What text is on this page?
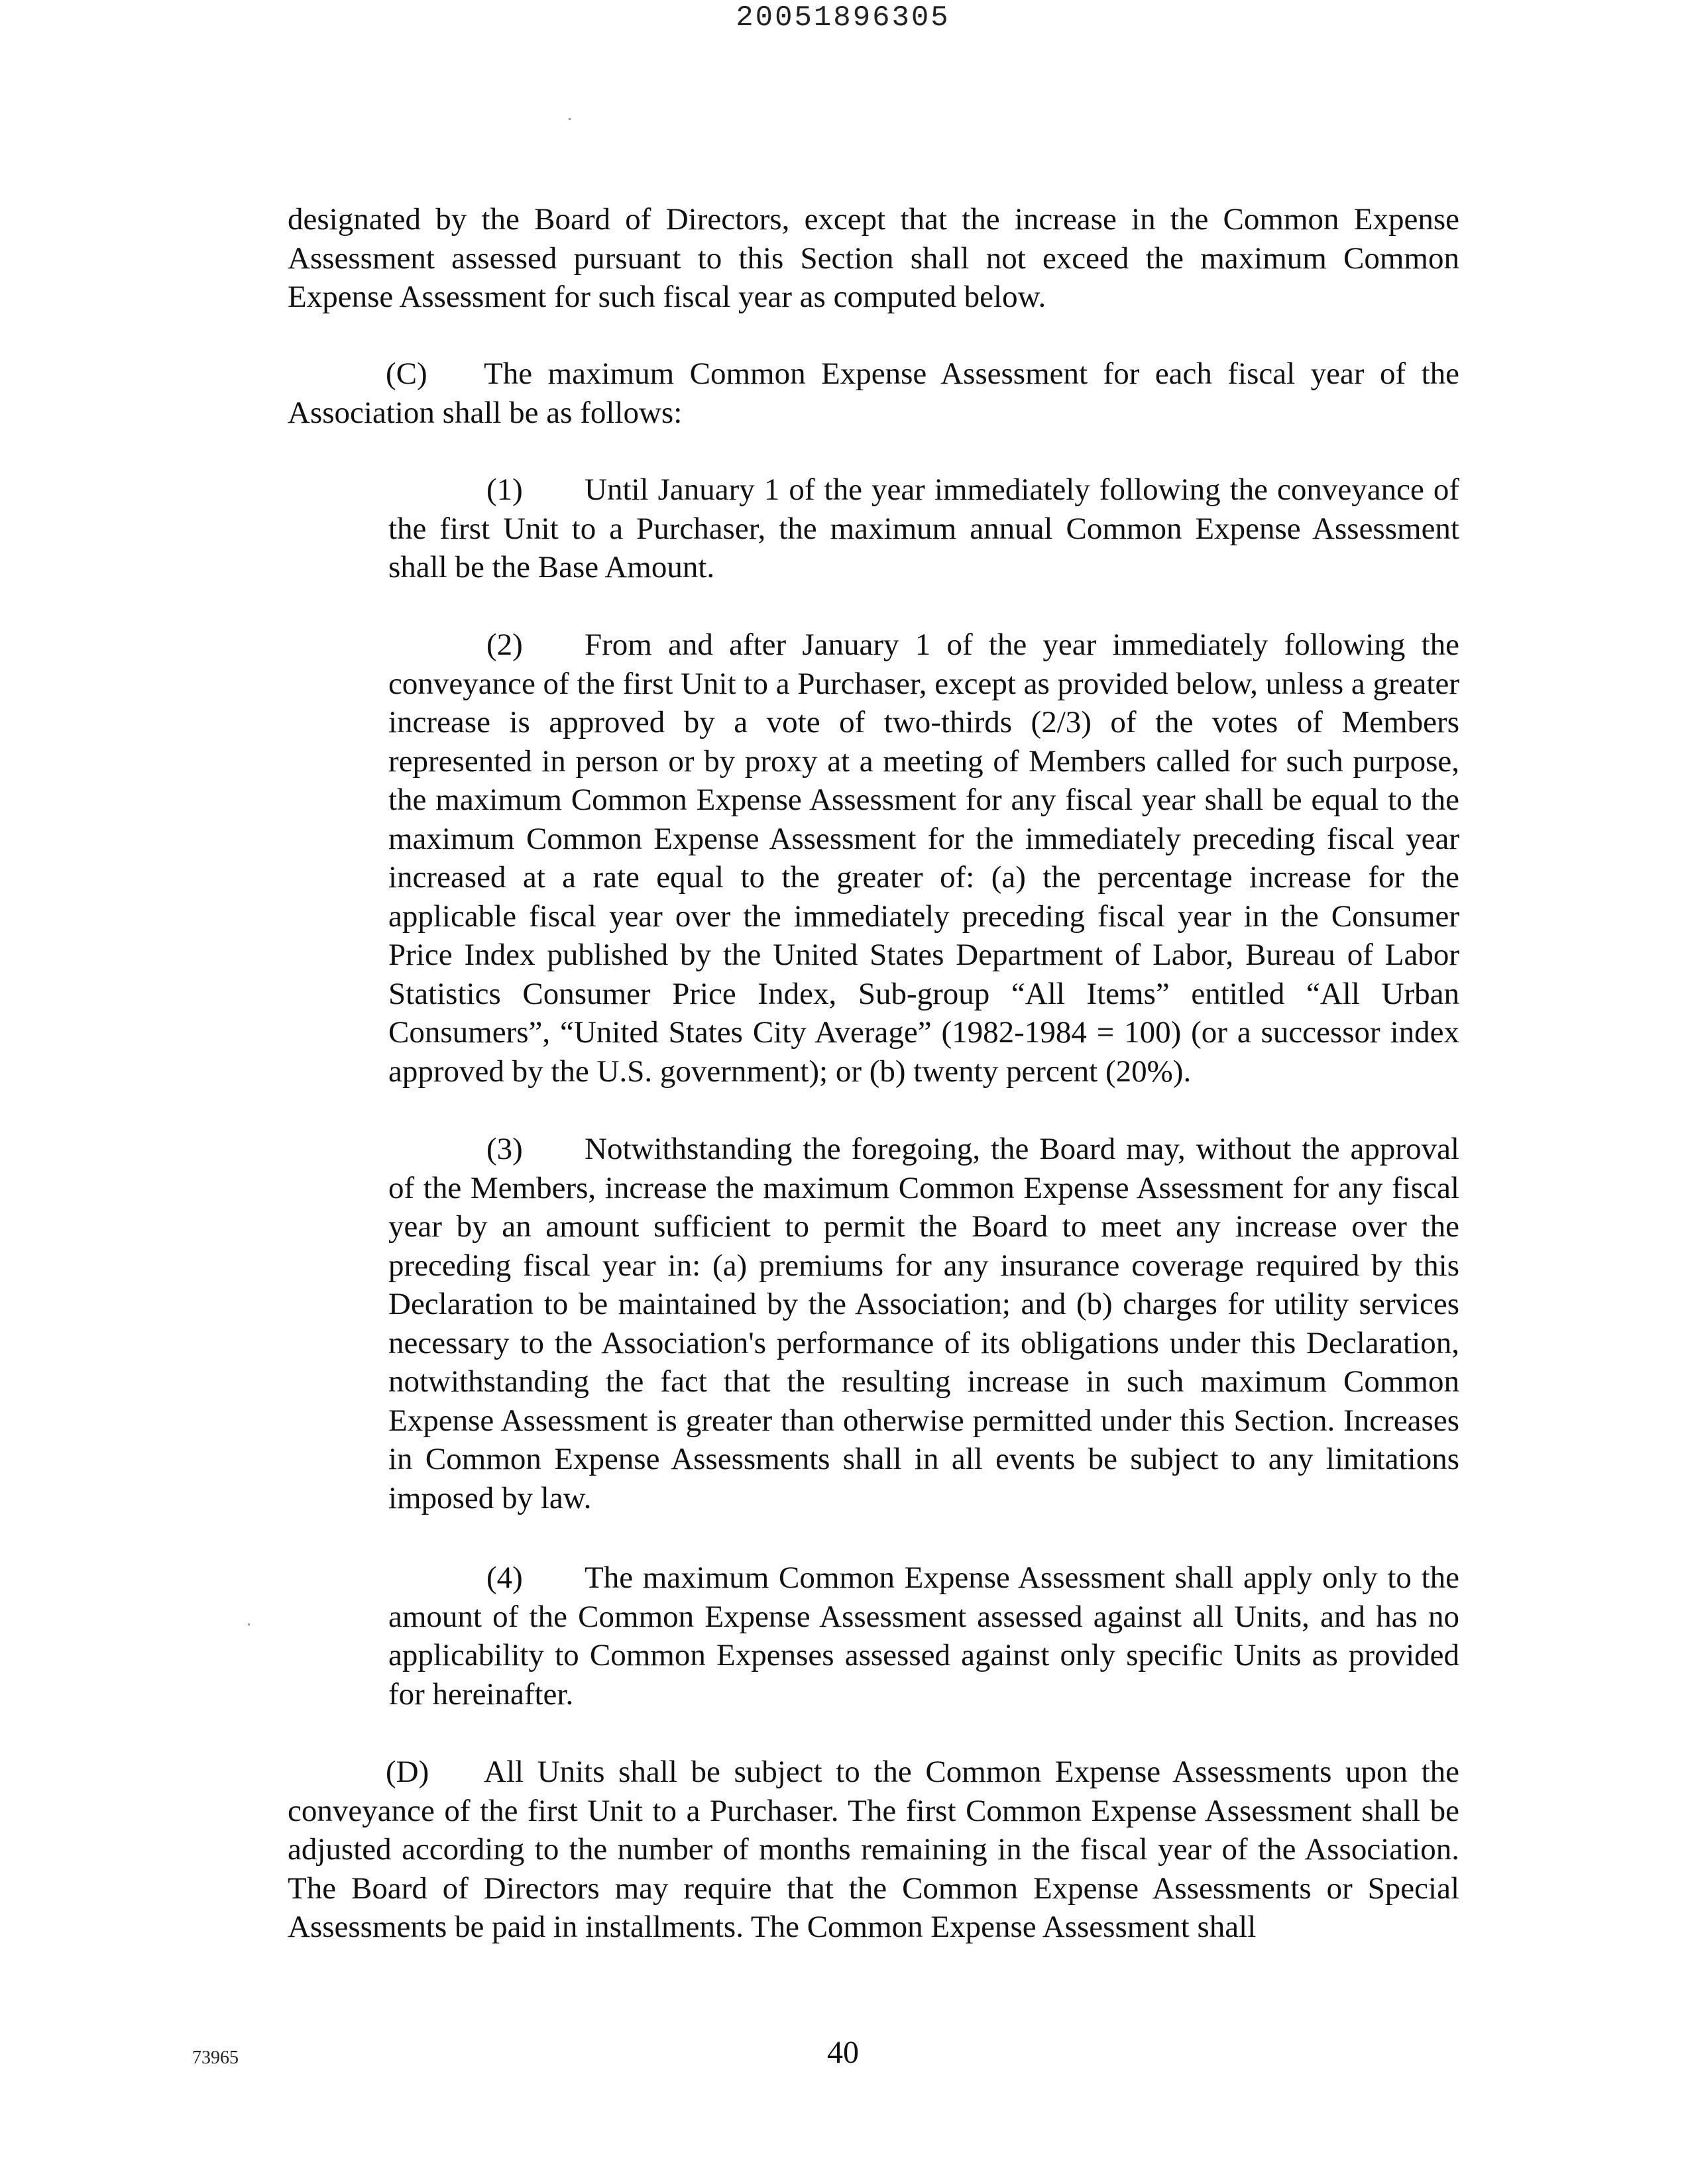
20051896305
designated by the Board of Directors, except that the increase in the Common Expense Assessment assessed pursuant to this Section shall not exceed the maximum Common Expense Assessment for such fiscal year as computed below.
(C) The maximum Common Expense Assessment for each fiscal year of the Association shall be as follows:
(1) Until January 1 of the year immediately following the conveyance of the first Unit to a Purchaser, the maximum annual Common Expense Assessment shall be the Base Amount.
(2) From and after January 1 of the year immediately following the conveyance of the first Unit to a Purchaser, except as provided below, unless a greater increase is approved by a vote of two-thirds (2/3) of the votes of Members represented in person or by proxy at a meeting of Members called for such purpose, the maximum Common Expense Assessment for any fiscal year shall be equal to the maximum Common Expense Assessment for the immediately preceding fiscal year increased at a rate equal to the greater of: (a) the percentage increase for the applicable fiscal year over the immediately preceding fiscal year in the Consumer Price Index published by the United States Department of Labor, Bureau of Labor Statistics Consumer Price Index, Sub-group “All Items” entitled “All Urban Consumers”, “United States City Average” (1982-1984 = 100) (or a successor index approved by the U.S. government); or (b) twenty percent (20%).
(3) Notwithstanding the foregoing, the Board may, without the approval of the Members, increase the maximum Common Expense Assessment for any fiscal year by an amount sufficient to permit the Board to meet any increase over the preceding fiscal year in: (a) premiums for any insurance coverage required by this Declaration to be maintained by the Association; and (b) charges for utility services necessary to the Association's performance of its obligations under this Declaration, notwithstanding the fact that the resulting increase in such maximum Common Expense Assessment is greater than otherwise permitted under this Section. Increases in Common Expense Assessments shall in all events be subject to any limitations imposed by law.
(4) The maximum Common Expense Assessment shall apply only to the amount of the Common Expense Assessment assessed against all Units, and has no applicability to Common Expenses assessed against only specific Units as provided for hereinafter.
(D) All Units shall be subject to the Common Expense Assessments upon the conveyance of the first Unit to a Purchaser. The first Common Expense Assessment shall be adjusted according to the number of months remaining in the fiscal year of the Association. The Board of Directors may require that the Common Expense Assessments or Special Assessments be paid in installments. The Common Expense Assessment shall
73965	40
